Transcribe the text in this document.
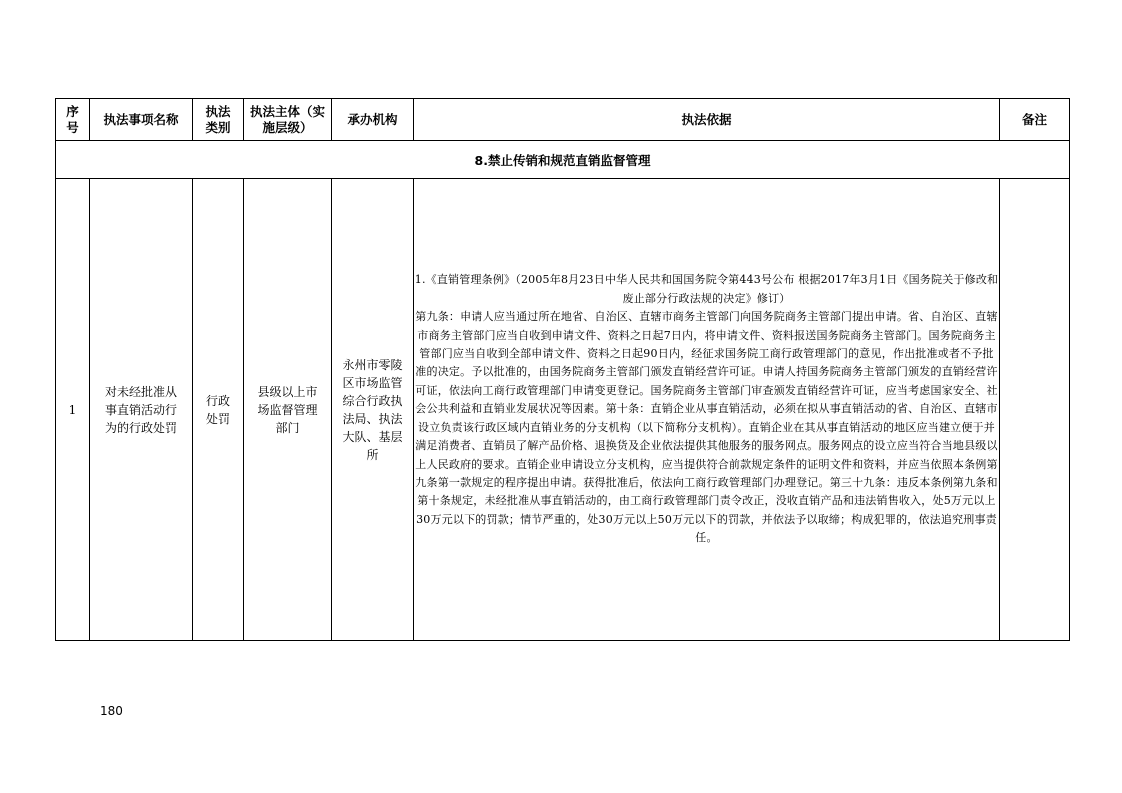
序号	执法事项名称	执法类别	执法主体（实施层级）	承办机构	执法依据	备注
8.禁止传销和规范直销监督管理						
1	对未经批准从事直销活动行为的行政处罚	行政处罚	县级以上市场监督管理部门	永州市零陵区市场监管综合行政执法局、执法大队、基层所	1.《直销管理条例》（2005年8月23日中华人民共和国国务院令第443号公布 根据2017年3月1日《国务院关于修改和废止部分行政法规的决定》修订）
第九条：申请人应当通过所在地省、自治区、直辖市商务主管部门向国务院商务主管部门提出申请。省、自治区、直辖市商务主管部门应当自收到申请文件、资料之日起7日内，将申请文件、资料报送国务院商务主管部门。国务院商务主管部门应当自收到全部申请文件、资料之日起90日内，经征求国务院工商行政管理部门的意见，作出批准或者不予批准的决定。予以批准的，由国务院商务主管部门颁发直销经营许可证。申请人持国务院商务主管部门颁发的直销经营许可证，依法向工商行政管理部门申请变更登记。国务院商务主管部门审查颁发直销经营许可证，应当考虑国家安全、社会公共利益和直销业发展状况等因素。第十条：直销企业从事直销活动，必须在拟从事直销活动的省、自治区、直辖市设立负责该行政区域内直销业务的分支机构（以下简称分支机构）。直销企业在其从事直销活动的地区应当建立便于并满足消费者、直销员了解产品价格、退换货及企业依法提供其他服务的服务网点。服务网点的设立应当符合当地县级以上人民政府的要求。直销企业申请设立分支机构，应当提供符合前款规定条件的证明文件和资料，并应当依照本条例第九条第一款规定的程序提出申请。获得批准后，依法向工商行政管理部门办理登记。第三十九条：违反本条例第九条和第十条规定，未经批准从事直销活动的，由工商行政管理部门责令改正，没收直销产品和违法销售收入，处5万元以上30万元以下的罚款；情节严重的，处30万元以上50万元以下的罚款，并依法予以取缔；构成犯罪的，依法追究刑事责任。	

180
